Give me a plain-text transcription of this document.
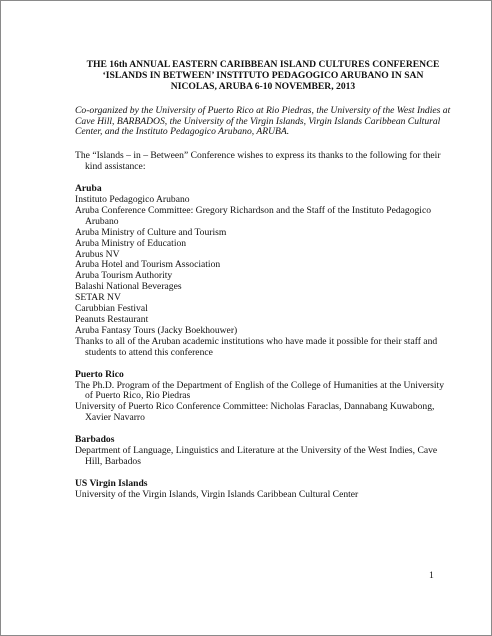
THE 16th ANNUAL EASTERN CARIBBEAN ISLAND CULTURES CONFERENCE ‘ISLANDS IN BETWEEN’ INSTITUTO PEDAGOGICO ARUBANO IN SAN NICOLAS, ARUBA 6-10 NOVEMBER, 2013
Co-organized by the University of Puerto Rico at Rio Piedras, the University of the West Indies at Cave Hill, BARBADOS, the University of the Virgin Islands, Virgin Islands Caribbean Cultural Center, and the Instituto Pedagogico Arubano, ARUBA.
The “Islands – in – Between” Conference wishes to express its thanks to the following for their kind assistance:
Aruba
Instituto Pedagogico Arubano
Aruba Conference Committee: Gregory Richardson and the Staff of the Instituto Pedagogico Arubano
Aruba Ministry of Culture and Tourism
Aruba Ministry of Education
Arubus NV
Aruba Hotel and Tourism Association
Aruba Tourism Authority
Balashi National Beverages
SETAR NV
Carubbian Festival
Peanuts Restaurant
Aruba Fantasy Tours (Jacky Boekhouwer)
Thanks to all of the Aruban academic institutions who have made it possible for their staff and students to attend this conference
Puerto Rico
The Ph.D. Program of the Department of English of the College of Humanities at the University of Puerto Rico, Rio Piedras
University of Puerto Rico Conference Committee: Nicholas Faraclas, Dannabang Kuwabong, Xavier Navarro
Barbados
Department of Language, Linguistics and Literature at the University of the West Indies, Cave Hill, Barbados
US Virgin Islands
University of the Virgin Islands, Virgin Islands Caribbean Cultural Center
1
